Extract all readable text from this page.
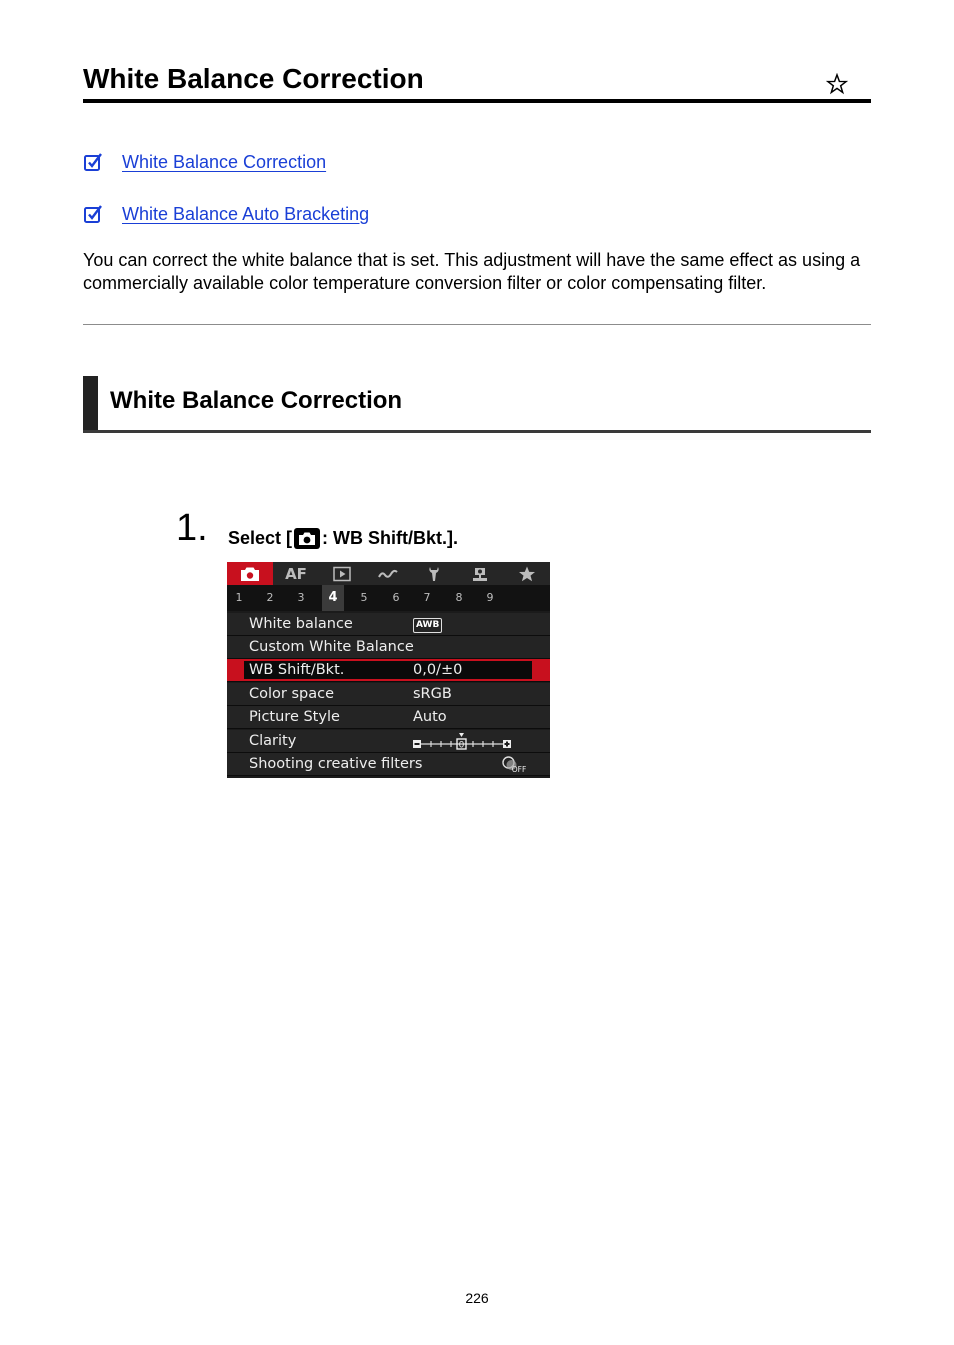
White Balance Correction
White Balance Correction
White Balance Auto Bracketing

You can correct the white balance that is set. This adjustment will have the same effect as using a commercially available color temperature conversion filter or color compensating filter.

White Balance Correction
1. Select [ : WB Shift/Bkt.].
AF
1	2	3	4	5	6	7	8	9
White balance	AWB
Custom White Balance
WB Shift/Bkt.	0,0/±0
Color space	sRGB
Picture Style	Auto
Clarity	0
Shooting creative filters	OFF
226
